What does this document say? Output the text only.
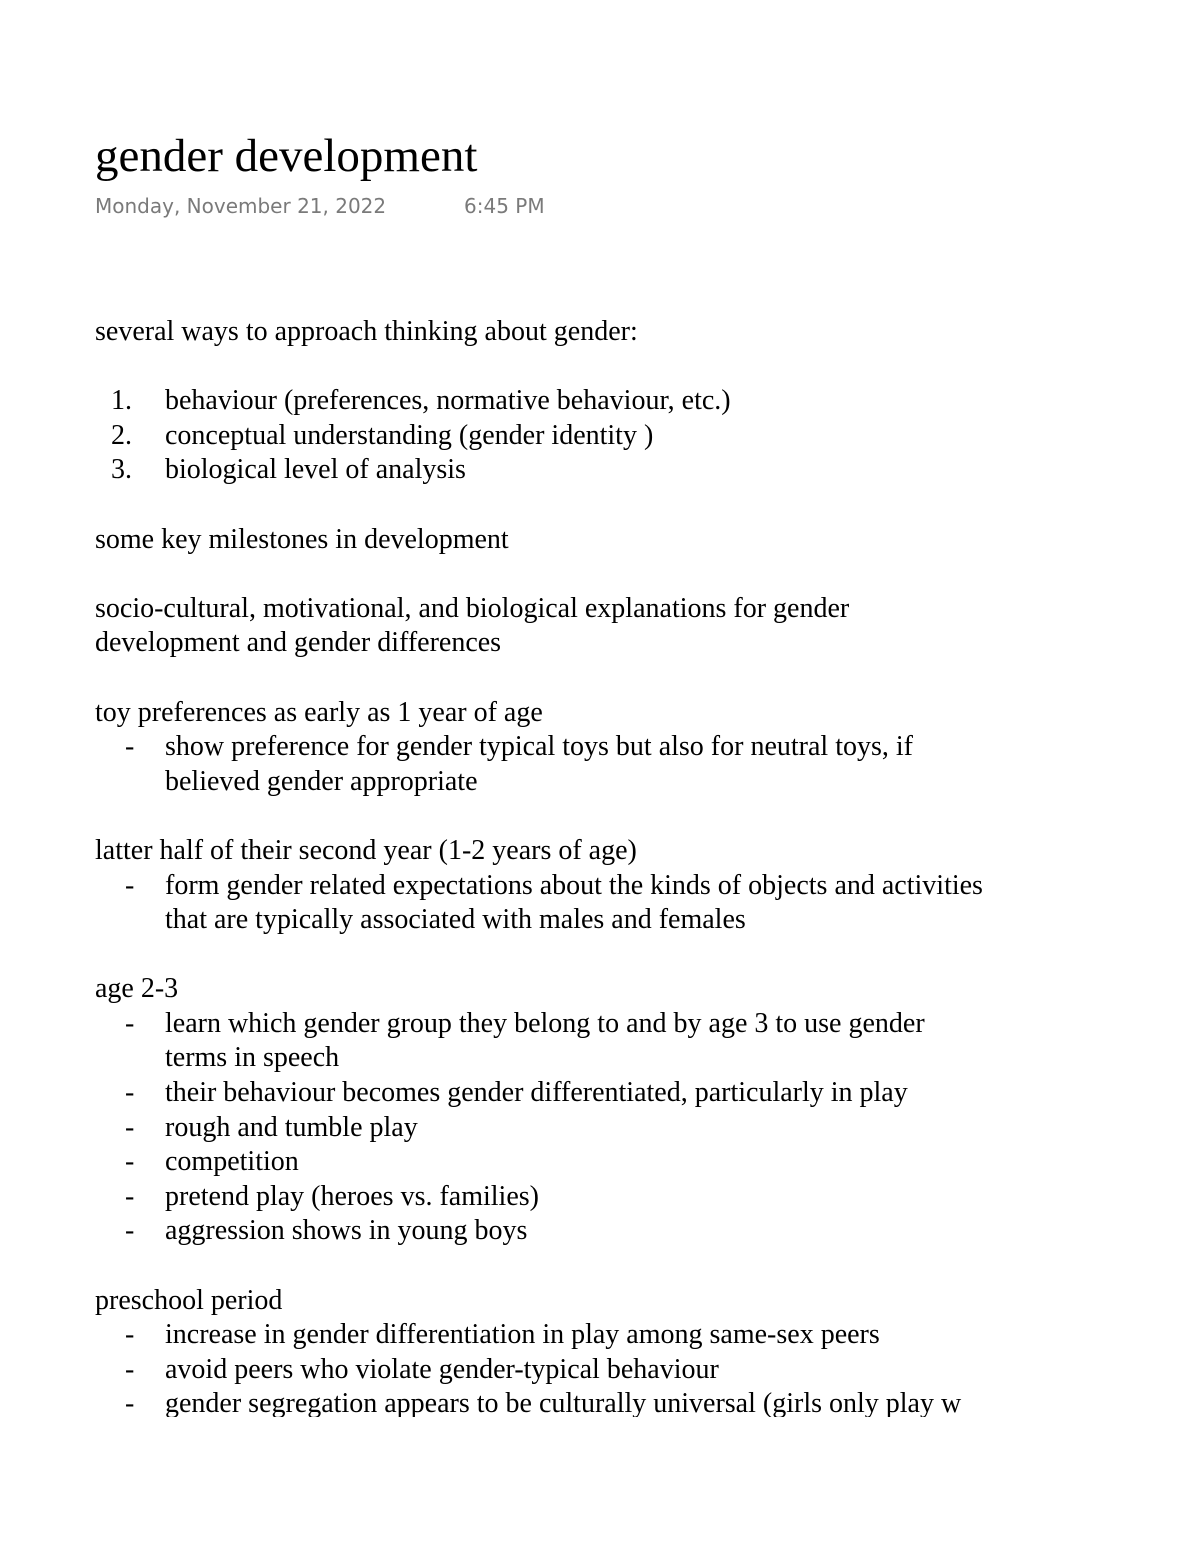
gender development
Monday, November 21, 2022	6:45 PM
several ways to approach thinking about gender:
1. behaviour (preferences, normative behaviour, etc.)
2. conceptual understanding (gender identity )
3. biological level of analysis
some key milestones in development
socio-cultural, motivational, and biological explanations for gender
development and gender differences
toy preferences as early as 1 year of age
- show preference for gender typical toys but also for neutral toys, if
believed gender appropriate
latter half of their second year (1-2 years of age)
- form gender related expectations about the kinds of objects and activities
that are typically associated with males and females
age 2-3
- learn which gender group they belong to and by age 3 to use gender
terms in speech
- their behaviour becomes gender differentiated, particularly in play
- rough and tumble play
- competition
- pretend play (heroes vs. families)
- aggression shows in young boys
preschool period
- increase in gender differentiation in play among same-sex peers
- avoid peers who violate gender-typical behaviour
- gender segregation appears to be culturally universal (girls only play w
